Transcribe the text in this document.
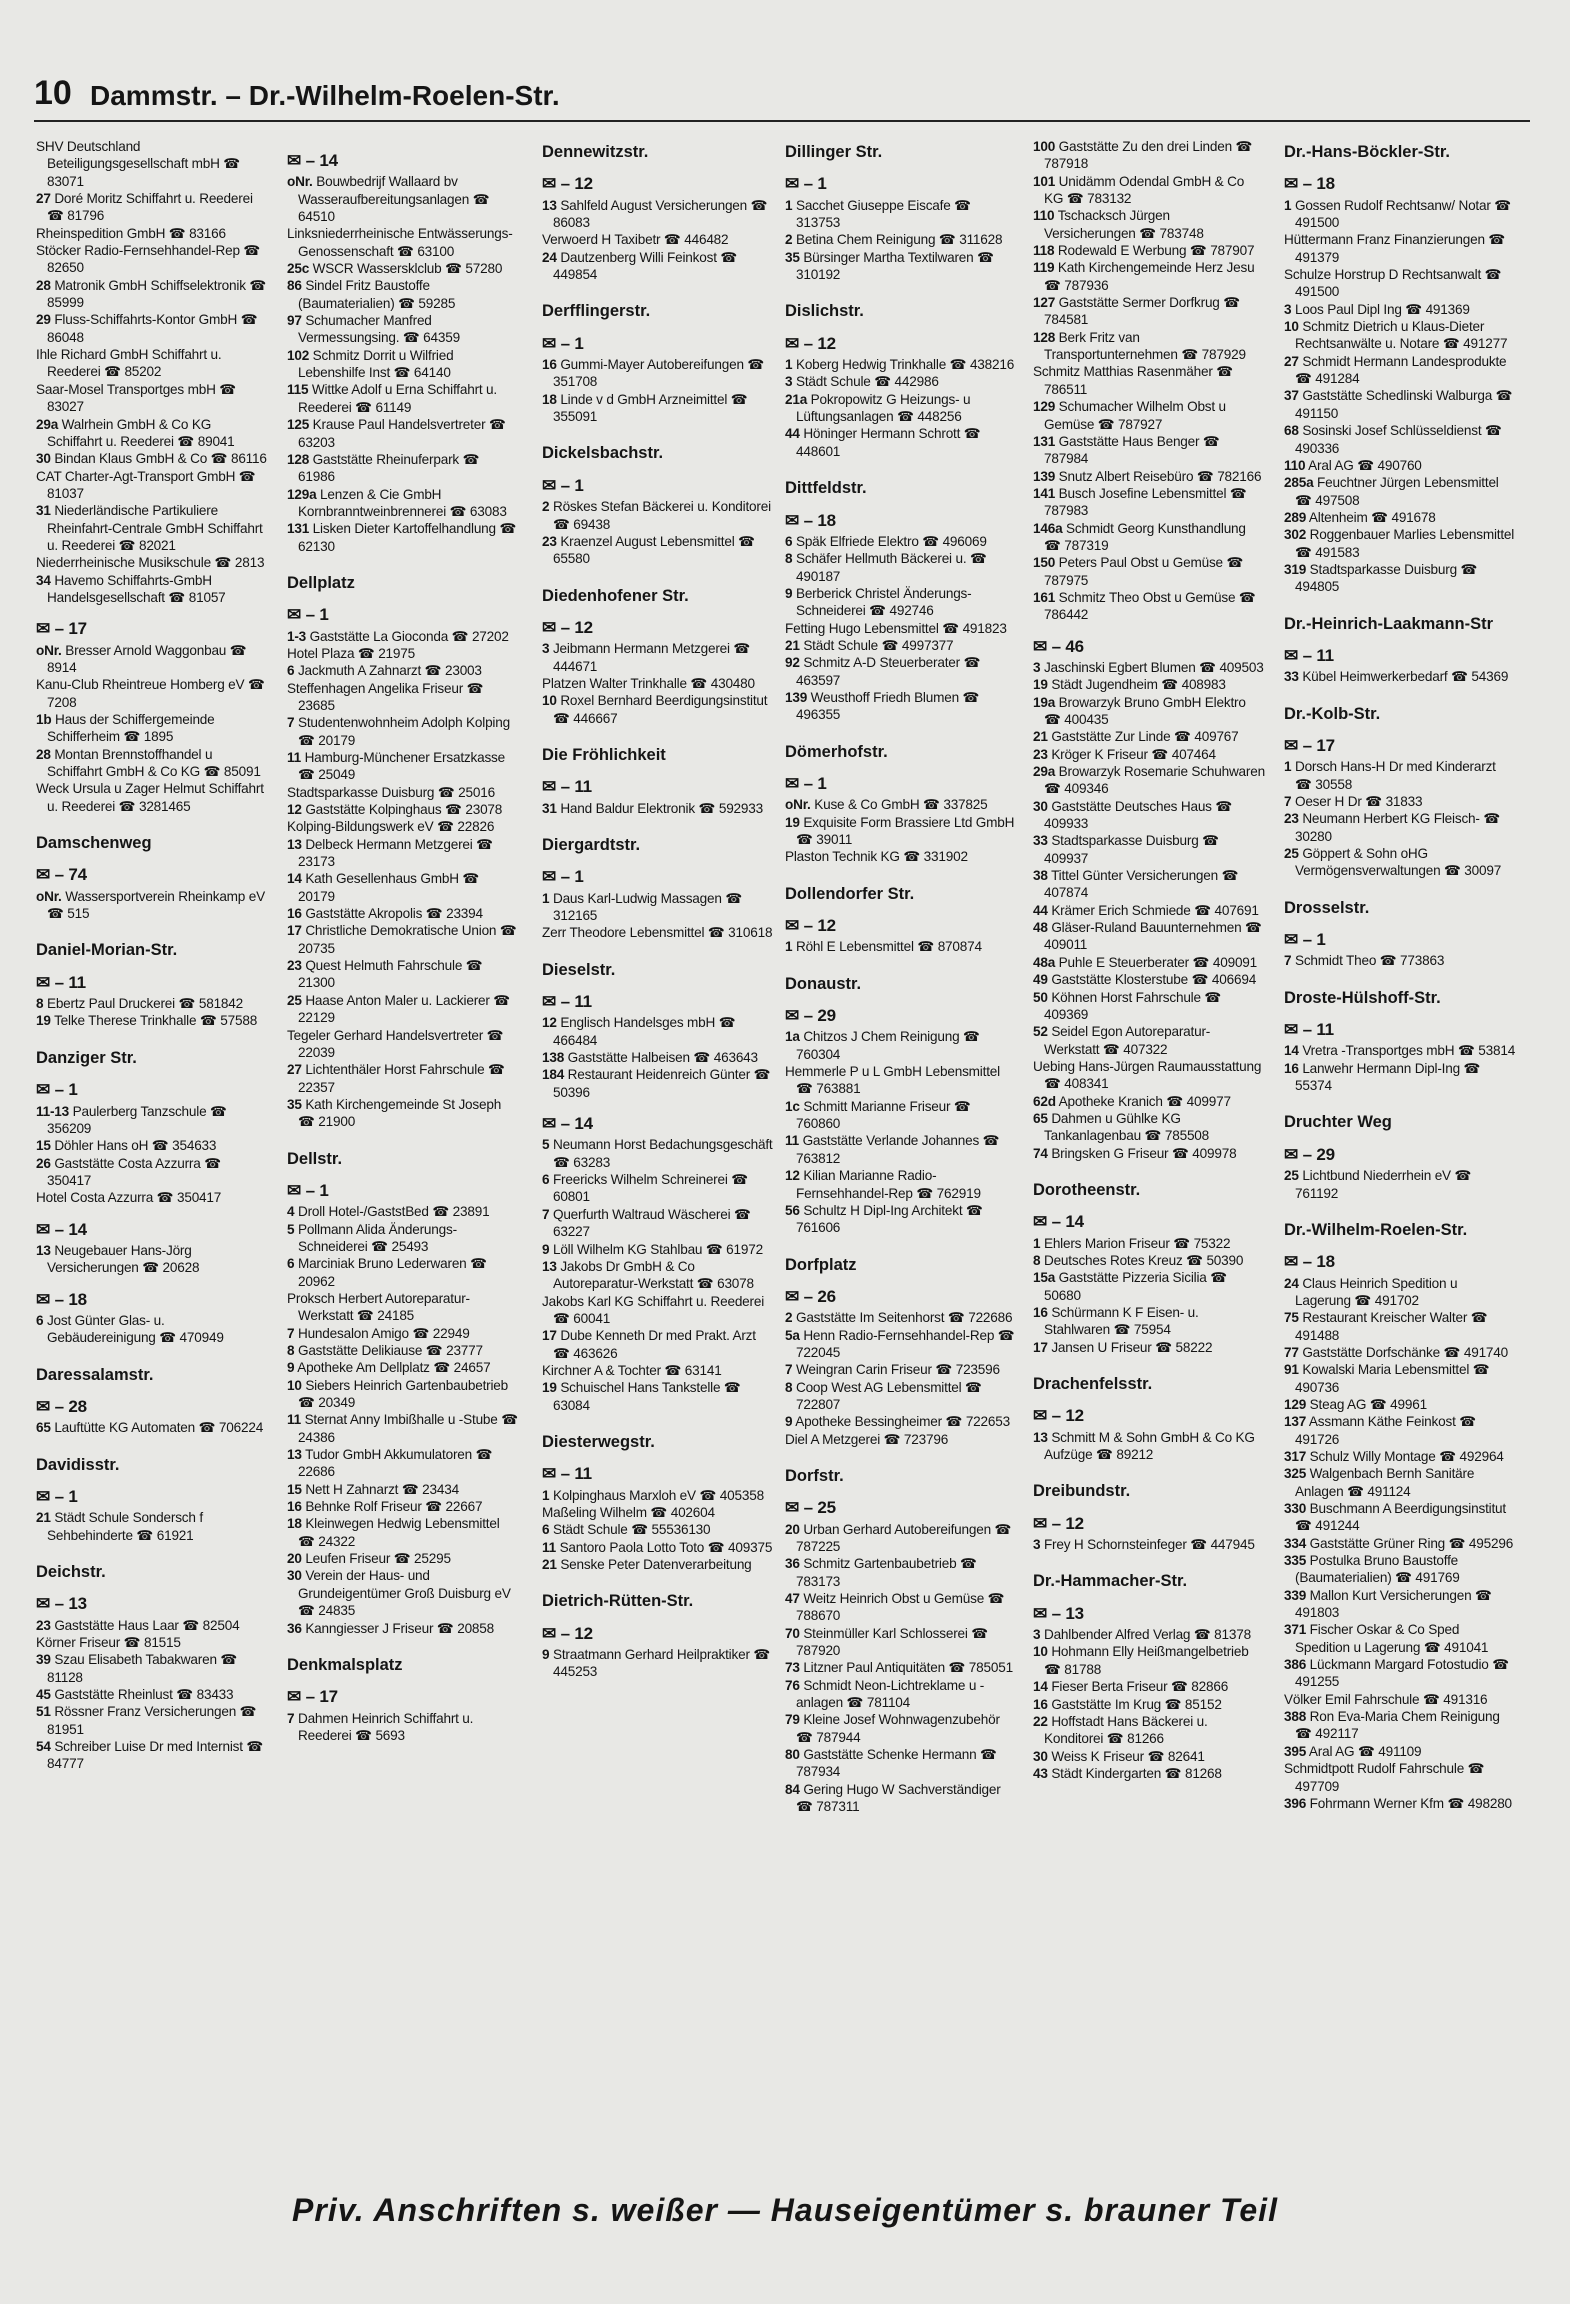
10 Dammstr. – Dr.-Wilhelm-Roelen-Str.
SHV Deutschland Beteiligungsgesellschaft mbH ☎ 83071
27 Doré Moritz Schiffahrt u. Reederei ☎ 81796
Rheinspedition GmbH ☎ 83166
Stöcker Radio-Fernsehhandel-Rep ☎ 82650
28 Matronik GmbH Schiffselektronik ☎ 85999
29 Fluss-Schiffahrts-Kontor GmbH ☎ 86048
Ihle Richard GmbH Schiffahrt u. Reederei ☎ 85202
Saar-Mosel Transportges mbH ☎ 83027
29a Walrhein GmbH & Co KG Schiffahrt u. Reederei ☎ 89041
30 Bindan Klaus GmbH & Co ☎ 86116
CAT Charter-Agt-Transport GmbH ☎ 81037
31 Niederländische Partikuliere Rheinfahrt-Centrale GmbH Schiffahrt u. Reederei ☎ 82021
Niederrheinische Musikschule ☎ 2813
34 Havemo Schiffahrts-GmbH Handelsgesellschaft ☎ 81057
✉ – 17
oNr. Bresser Arnold Waggonbau ☎ 8914
Kanu-Club Rheintreue Homberg eV ☎ 7208
1b Haus der Schiffergemeinde Schifferheim ☎ 1895
28 Montan Brennstoffhandel u Schiffahrt GmbH & Co KG ☎ 85091
Weck Ursula u Zager Helmut Schiffahrt u. Reederei ☎ 3281465
Damschenweg
✉ – 74
oNr. Wassersportverein Rheinkamp eV ☎ 515
Daniel-Morian-Str.
✉ – 11
8 Ebertz Paul Druckerei ☎ 581842
19 Telke Therese Trinkhalle ☎ 57588
Danziger Str.
✉ – 1
11-13 Paulerberg Tanzschule ☎ 356209
15 Döhler Hans oH ☎ 354633
26 Gaststätte Costa Azzurra ☎ 350417
Hotel Costa Azzurra ☎ 350417
✉ – 14
13 Neugebauer Hans-Jörg Versicherungen ☎ 20628
✉ – 18
6 Jost Günter Glas- u. Gebäudereinigung ☎ 470949
Daressalamstr.
✉ – 28
65 Lauftütte KG Automaten ☎ 706224
Davidisstr.
✉ – 1
21 Städt Schule Sondersch f Sehbehinderte ☎ 61921
Deichstr.
✉ – 13
23 Gaststätte Haus Laar ☎ 82504
Körner Friseur ☎ 81515
39 Szau Elisabeth Tabakwaren ☎ 81128
45 Gaststätte Rheinlust ☎ 83433
51 Rössner Franz Versicherungen ☎ 81951
54 Schreiber Luise Dr med Internist ☎ 84777
✉ – 14
oNr. Bouwbedrijf Wallaard bv Wasseraufbereitungsanlagen ☎ 64510
Linksniederrheinische Entwässerungs-Genossenschaft ☎ 63100
25c WSCR Wassersklclub ☎ 57280
86 Sindel Fritz Baustoffe (Baumaterialien) ☎ 59285
97 Schumacher Manfred Vermessungsing. ☎ 64359
102 Schmitz Dorrit u Wilfried Lebenshilfe Inst ☎ 64140
115 Wittke Adolf u Erna Schiffahrt u. Reederei ☎ 61149
125 Krause Paul Handelsvertreter ☎ 63203
128 Gaststätte Rheinuferpark ☎ 61986
129a Lenzen & Cie GmbH Kornbranntweinbrennerei ☎ 63083
131 Lisken Dieter Kartoffelhandlung ☎ 62130
Dellplatz
✉ – 1
1-3 Gaststätte La Gioconda ☎ 27202
Hotel Plaza ☎ 21975
6 Jackmuth A Zahnarzt ☎ 23003
Steffenhagen Angelika Friseur ☎ 23685
7 Studentenwohnheim Adolph Kolping ☎ 20179
11 Hamburg-Münchener Ersatzkasse ☎ 25049
Stadtsparkasse Duisburg ☎ 25016
12 Gaststätte Kolpinghaus ☎ 23078
Kolping-Bildungswerk eV ☎ 22826
13 Delbeck Hermann Metzgerei ☎ 23173
14 Kath Gesellenhaus GmbH ☎ 20179
16 Gaststätte Akropolis ☎ 23394
17 Christliche Demokratische Union ☎ 20735
23 Quest Helmuth Fahrschule ☎ 21300
25 Haase Anton Maler u. Lackierer ☎ 22129
Tegeler Gerhard Handelsvertreter ☎ 22039
27 Lichtenthäler Horst Fahrschule ☎ 22357
35 Kath Kirchengemeinde St Joseph ☎ 21900
Dellstr.
✉ – 1
4 Droll Hotel-/GaststBed ☎ 23891
5 Pollmann Alida Änderungs-Schneiderei ☎ 25493
6 Marciniak Bruno Lederwaren ☎ 20962
Proksch Herbert Autoreparatur-Werkstatt ☎ 24185
7 Hundesalon Amigo ☎ 22949
8 Gaststätte Delikiause ☎ 23777
9 Apotheke Am Dellplatz ☎ 24657
10 Siebers Heinrich Gartenbaubetrieb ☎ 20349
11 Sternat Anny Imbißhalle u -Stube ☎ 24386
13 Tudor GmbH Akkumulatoren ☎ 22686
15 Nett H Zahnarzt ☎ 23434
16 Behnke Rolf Friseur ☎ 22667
18 Kleinwegen Hedwig Lebensmittel ☎ 24322
20 Leufen Friseur ☎ 25295
30 Verein der Haus- und Grundeigentümer Groß Duisburg eV ☎ 24835
36 Kanngiesser J Friseur ☎ 20858
Denkmalsplatz
✉ – 17
7 Dahmen Heinrich Schiffahrt u. Reederei ☎ 5693
Dennewitzstr.
✉ – 12
13 Sahlfeld August Versicherungen ☎ 86083
Verwoerd H Taxibetr ☎ 446482
24 Dautzenberg Willi Feinkost ☎ 449854
Derfflingerstr.
✉ – 1
16 Gummi-Mayer Autobereifungen ☎ 351708
18 Linde v d GmbH Arzneimittel ☎ 355091
Dickelsbachstr.
✉ – 1
2 Röskes Stefan Bäckerei u. Konditorei ☎ 69438
23 Kraenzel August Lebensmittel ☎ 65580
Diedenhofener Str.
✉ – 12
3 Jeibmann Hermann Metzgerei ☎ 444671
Platzen Walter Trinkhalle ☎ 430480
10 Roxel Bernhard Beerdigungsinstitut ☎ 446667
Die Fröhlichkeit
✉ – 11
31 Hand Baldur Elektronik ☎ 592933
Diergardtstr.
✉ – 1
1 Daus Karl-Ludwig Massagen ☎ 312165
Zerr Theodore Lebensmittel ☎ 310618
Dieselstr.
✉ – 11
12 Englisch Handelsges mbH ☎ 466484
138 Gaststätte Halbeisen ☎ 463643
184 Restaurant Heidenreich Günter ☎ 50396
✉ – 14
5 Neumann Horst Bedachungsgeschäft ☎ 63283
6 Freericks Wilhelm Schreinerei ☎ 60801
7 Querfurth Waltraud Wäscherei ☎ 63227
9 Löll Wilhelm KG Stahlbau ☎ 61972
13 Jakobs Dr GmbH & Co Autoreparatur-Werkstatt ☎ 63078
Jakobs Karl KG Schiffahrt u. Reederei ☎ 60041
17 Dube Kenneth Dr med Prakt. Arzt ☎ 463626
Kirchner A & Tochter ☎ 63141
19 Schuischel Hans Tankstelle ☎ 63084
Diesterwegstr.
✉ – 11
1 Kolpinghaus Marxloh eV ☎ 405358
Maßeling Wilhelm ☎ 402604
6 Städt Schule ☎ 55536130
11 Santoro Paola Lotto Toto ☎ 409375
21 Senske Peter Datenverarbeitung
Dietrich-Rütten-Str.
✉ – 12
9 Straatmann Gerhard Heilpraktiker ☎ 445253
Dillinger Str.
✉ – 1
1 Sacchet Giuseppe Eiscafe ☎ 313753
2 Betina Chem Reinigung ☎ 311628
35 Bürsinger Martha Textilwaren ☎ 310192
Dislichstr.
✉ – 12
1 Koberg Hedwig Trinkhalle ☎ 438216
3 Städt Schule ☎ 442986
21a Pokropowitz G Heizungs- u Lüftungsanlagen ☎ 448256
44 Höninger Hermann Schrott ☎ 448601
Dittfeldstr.
✉ – 18
6 Späk Elfriede Elektro ☎ 496069
8 Schäfer Hellmuth Bäckerei u. ☎ 490187
9 Berberick Christel Änderungs-Schneiderei ☎ 492746
Fetting Hugo Lebensmittel ☎ 491823
21 Städt Schule ☎ 4997377
92 Schmitz A-D Steuerberater ☎ 463597
139 Weusthoff Friedh Blumen ☎ 496355
Dömerhofstr.
✉ – 1
oNr. Kuse & Co GmbH ☎ 337825
19 Exquisite Form Brassiere Ltd GmbH ☎ 39011
Plaston Technik KG ☎ 331902
Dollendorfer Str.
✉ – 12
1 Röhl E Lebensmittel ☎ 870874
Donaustr.
✉ – 29
1a Chitzos J Chem Reinigung ☎ 760304
Hemmerle P u L GmbH Lebensmittel ☎ 763881
1c Schmitt Marianne Friseur ☎ 760860
11 Gaststätte Verlande Johannes ☎ 763812
12 Kilian Marianne Radio-Fernsehhandel-Rep ☎ 762919
56 Schultz H Dipl-Ing Architekt ☎ 761606
Dorfplatz
✉ – 26
2 Gaststätte Im Seitenhorst ☎ 722686
5a Henn Radio-Fernsehhandel-Rep ☎ 722045
7 Weingran Carin Friseur ☎ 723596
8 Coop West AG Lebensmittel ☎ 722807
9 Apotheke Bessingheimer ☎ 722653
Diel A Metzgerei ☎ 723796
Dorfstr.
✉ – 25
20 Urban Gerhard Autobereifungen ☎ 787225
36 Schmitz Gartenbaubetrieb ☎ 783173
47 Weitz Heinrich Obst u Gemüse ☎ 788670
70 Steinmüller Karl Schlosserei ☎ 787920
73 Litzner Paul Antiquitäten ☎ 785051
76 Schmidt Neon-Lichtreklame u -anlagen ☎ 781104
79 Kleine Josef Wohnwagenzubehör ☎ 787944
80 Gaststätte Schenke Hermann ☎ 787934
84 Gering Hugo W Sachverständiger ☎ 787311
100 Gaststätte Zu den drei Linden ☎ 787918
101 Unidämm Odendal GmbH & Co KG ☎ 783132
110 Tschacksch Jürgen Versicherungen ☎ 783748
118 Rodewald E Werbung ☎ 787907
119 Kath Kirchengemeinde Herz Jesu ☎ 787936
127 Gaststätte Sermer Dorfkrug ☎ 784581
128 Berk Fritz van Transportunternehmen ☎ 787929
Schmitz Matthias Rasenmäher ☎ 786511
129 Schumacher Wilhelm Obst u Gemüse ☎ 787927
131 Gaststätte Haus Benger ☎ 787984
139 Snutz Albert Reisebüro ☎ 782166
141 Busch Josefine Lebensmittel ☎ 787983
146a Schmidt Georg Kunsthandlung ☎ 787319
150 Peters Paul Obst u Gemüse ☎ 787975
161 Schmitz Theo Obst u Gemüse ☎ 786442
✉ – 46
3 Jaschinski Egbert Blumen ☎ 409503
19 Städt Jugendheim ☎ 408983
19a Browarzyk Bruno GmbH Elektro ☎ 400435
21 Gaststätte Zur Linde ☎ 409767
23 Kröger K Friseur ☎ 407464
29a Browarzyk Rosemarie Schuhwaren ☎ 409346
30 Gaststätte Deutsches Haus ☎ 409933
33 Stadtsparkasse Duisburg ☎ 409937
38 Tittel Günter Versicherungen ☎ 407874
44 Krämer Erich Schmiede ☎ 407691
48 Gläser-Ruland Bauunternehmen ☎ 409011
48a Puhle E Steuerberater ☎ 409091
49 Gaststätte Klosterstube ☎ 406694
50 Köhnen Horst Fahrschule ☎ 409369
52 Seidel Egon Autoreparatur-Werkstatt ☎ 407322
Uebing Hans-Jürgen Raumausstattung ☎ 408341
62d Apotheke Kranich ☎ 409977
65 Dahmen u Gühlke KG Tankanlagenbau ☎ 785508
74 Bringsken G Friseur ☎ 409978
Dorotheenstr.
✉ – 14
1 Ehlers Marion Friseur ☎ 75322
8 Deutsches Rotes Kreuz ☎ 50390
15a Gaststätte Pizzeria Sicilia ☎ 50680
16 Schürmann K F Eisen- u. Stahlwaren ☎ 75954
17 Jansen U Friseur ☎ 58222
Drachenfelsstr.
✉ – 12
13 Schmitt M & Sohn GmbH & Co KG Aufzüge ☎ 89212
Dreibundstr.
✉ – 12
3 Frey H Schornsteinfeger ☎ 447945
Dr.-Hammacher-Str.
✉ – 13
3 Dahlbender Alfred Verlag ☎ 81378
10 Hohmann Elly Heißmangelbetrieb ☎ 81788
14 Fieser Berta Friseur ☎ 82866
16 Gaststätte Im Krug ☎ 85152
22 Hoffstadt Hans Bäckerei u. Konditorei ☎ 81266
30 Weiss K Friseur ☎ 82641
43 Städt Kindergarten ☎ 81268
Dr.-Hans-Böckler-Str.
✉ – 18
1 Gossen Rudolf Rechtsanw/ Notar ☎ 491500
Hüttermann Franz Finanzierungen ☎ 491379
Schulze Horstrup D Rechtsanwalt ☎ 491500
3 Loos Paul Dipl Ing ☎ 491369
10 Schmitz Dietrich u Klaus-Dieter Rechtsanwälte u. Notare ☎ 491277
27 Schmidt Hermann Landesprodukte ☎ 491284
37 Gaststätte Schedlinski Walburga ☎ 491150
68 Sosinski Josef Schlüsseldienst ☎ 490336
110 Aral AG ☎ 490760
285a Feuchtner Jürgen Lebensmittel ☎ 497508
289 Altenheim ☎ 491678
302 Roggenbauer Marlies Lebensmittel ☎ 491583
319 Stadtsparkasse Duisburg ☎ 494805
Dr.-Heinrich-Laakmann-Str
✉ – 11
33 Kübel Heimwerkerbedarf ☎ 54369
Dr.-Kolb-Str.
✉ – 17
1 Dorsch Hans-H Dr med Kinderarzt ☎ 30558
7 Oeser H Dr ☎ 31833
23 Neumann Herbert KG Fleisch- ☎ 30280
25 Göppert & Sohn oHG Vermögensverwaltungen ☎ 30097
Drosselstr.
✉ – 1
7 Schmidt Theo ☎ 773863
Droste-Hülshoff-Str.
✉ – 11
14 Vretra -Transportges mbH ☎ 53814
16 Lanwehr Hermann Dipl-Ing ☎ 55374
Druchter Weg
✉ – 29
25 Lichtbund Niederrhein eV ☎ 761192
Dr.-Wilhelm-Roelen-Str.
✉ – 18
24 Claus Heinrich Spedition u Lagerung ☎ 491702
75 Restaurant Kreischer Walter ☎ 491488
77 Gaststätte Dorfschänke ☎ 491740
91 Kowalski Maria Lebensmittel ☎ 490736
129 Steag AG ☎ 49961
137 Assmann Käthe Feinkost ☎ 491726
317 Schulz Willy Montage ☎ 492964
325 Walgenbach Bernh Sanitäre Anlagen ☎ 491124
330 Buschmann A Beerdigungsinstitut ☎ 491244
334 Gaststätte Grüner Ring ☎ 495296
335 Postulka Bruno Baustoffe (Baumaterialien) ☎ 491769
339 Mallon Kurt Versicherungen ☎ 491803
371 Fischer Oskar & Co Sped Spedition u Lagerung ☎ 491041
386 Lückmann Margard Fotostudio ☎ 491255
Völker Emil Fahrschule ☎ 491316
388 Ron Eva-Maria Chem Reinigung ☎ 492117
395 Aral AG ☎ 491109
Schmidtpott Rudolf Fahrschule ☎ 497709
396 Fohrmann Werner Kfm ☎ 498280
Priv. Anschriften s. weißer — Hauseigentümer s. brauner Teil
